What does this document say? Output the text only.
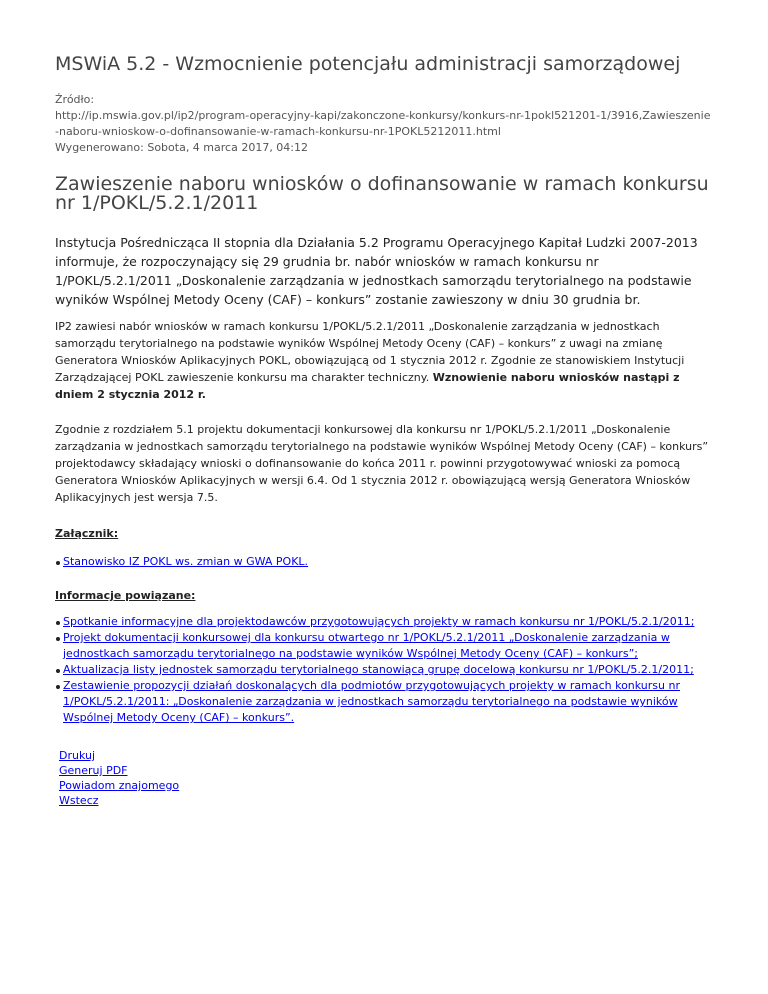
MSWiA 5.2 - Wzmocnienie potencjału administracji samorządowej
Źródło:
http://ip.mswia.gov.pl/ip2/program-operacyjny-kapi/zakonczone-konkursy/konkurs-nr-1pokl521201-1/3916,Zawieszenie-naboru-wnioskow-o-dofinansowanie-w-ramach-konkursu-nr-1POKL5212011.html
Wygenerowano: Sobota, 4 marca 2017, 04:12
Zawieszenie naboru wniosków o dofinansowanie w ramach konkursu nr 1/POKL/5.2.1/2011
Instytucja Pośrednicząca II stopnia dla Działania 5.2 Programu Operacyjnego Kapitał Ludzki 2007-2013 informuje, że rozpoczynający się 29 grudnia br. nabór wniosków w ramach konkursu nr 1/POKL/5.2.1/2011 „Doskonalenie zarządzania w jednostkach samorządu terytorialnego na podstawie wyników Wspólnej Metody Oceny (CAF) – konkurs” zostanie zawieszony w dniu 30 grudnia br.
IP2 zawiesi nabór wniosków w ramach konkursu 1/POKL/5.2.1/2011 „Doskonalenie zarządzania w jednostkach samorządu terytorialnego na podstawie wyników Wspólnej Metody Oceny (CAF) – konkurs” z uwagi na zmianę Generatora Wniosków Aplikacyjnych POKL, obowiązującą od 1 stycznia 2012 r. Zgodnie ze stanowiskiem Instytucji Zarządzającej POKL zawieszenie konkursu ma charakter techniczny. Wznowienie naboru wniosków nastąpi z dniem 2 stycznia 2012 r.
Zgodnie z rozdziałem 5.1 projektu dokumentacji konkursowej dla konkursu nr 1/POKL/5.2.1/2011 „Doskonalenie zarządzania w jednostkach samorządu terytorialnego na podstawie wyników Wspólnej Metody Oceny (CAF) – konkurs” projektodawcy składający wnioski o dofinansowanie do końca 2011 r. powinni przygotowywać wnioski za pomocą Generatora Wniosków Aplikacyjnych w wersji 6.4. Od 1 stycznia 2012 r. obowiązującą wersją Generatora Wniosków Aplikacyjnych jest wersja 7.5.
Załącznik:
Stanowisko IZ POKL ws. zmian w GWA POKL.
Informacje powiązane:
Spotkanie informacyjne dla projektodawców przygotowujących projekty w ramach konkursu nr 1/POKL/5.2.1/2011;
Projekt dokumentacji konkursowej dla konkursu otwartego nr 1/POKL/5.2.1/2011 „Doskonalenie zarządzania w jednostkach samorządu terytorialnego na podstawie wyników Wspólnej Metody Oceny (CAF) – konkurs”;
Aktualizacja listy jednostek samorządu terytorialnego stanowiącą grupę docelową konkursu nr 1/POKL/5.2.1/2011;
Zestawienie propozycji działań doskonalących dla podmiotów przygotowujących projekty w ramach konkursu nr 1/POKL/5.2.1/2011: „Doskonalenie zarządzania w jednostkach samorządu terytorialnego na podstawie wyników Wspólnej Metody Oceny (CAF) – konkurs”.
Drukuj
Generuj PDF
Powiadom znajomego
Wstecz
